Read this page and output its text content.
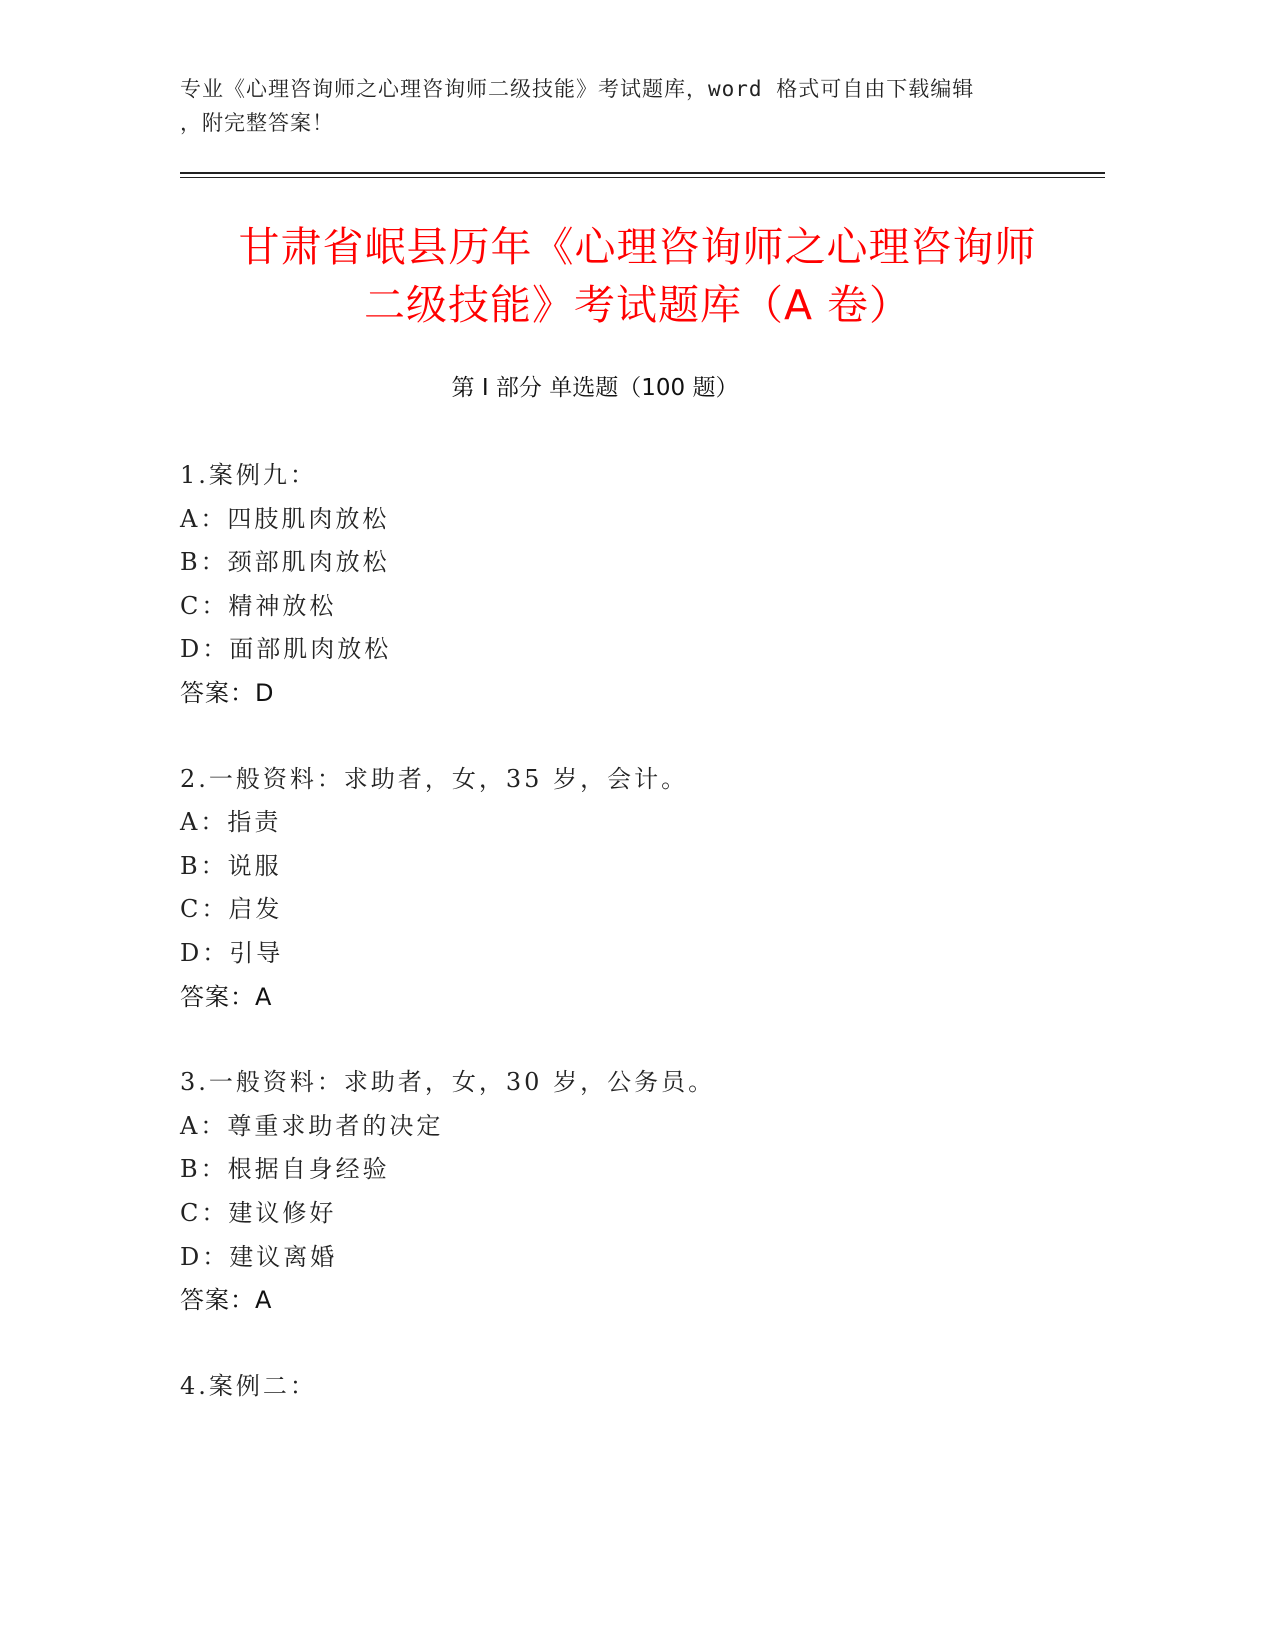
专业《心理咨询师之心理咨询师二级技能》考试题库，word 格式可自由下载编辑
，附完整答案！
甘肃省岷县历年《心理咨询师之心理咨询师
二级技能》考试题库（A 卷）
第 I 部分 单选题（100 题）
1.案例九：
A：四肢肌肉放松
B：颈部肌肉放松
C：精神放松
D：面部肌肉放松
答案：D
2.一般资料：求助者，女，35 岁，会计。
A：指责
B：说服
C：启发
D：引导
答案：A
3.一般资料：求助者，女，30 岁，公务员。
A：尊重求助者的决定
B：根据自身经验
C：建议修好
D：建议离婚
答案：A
4.案例二：
